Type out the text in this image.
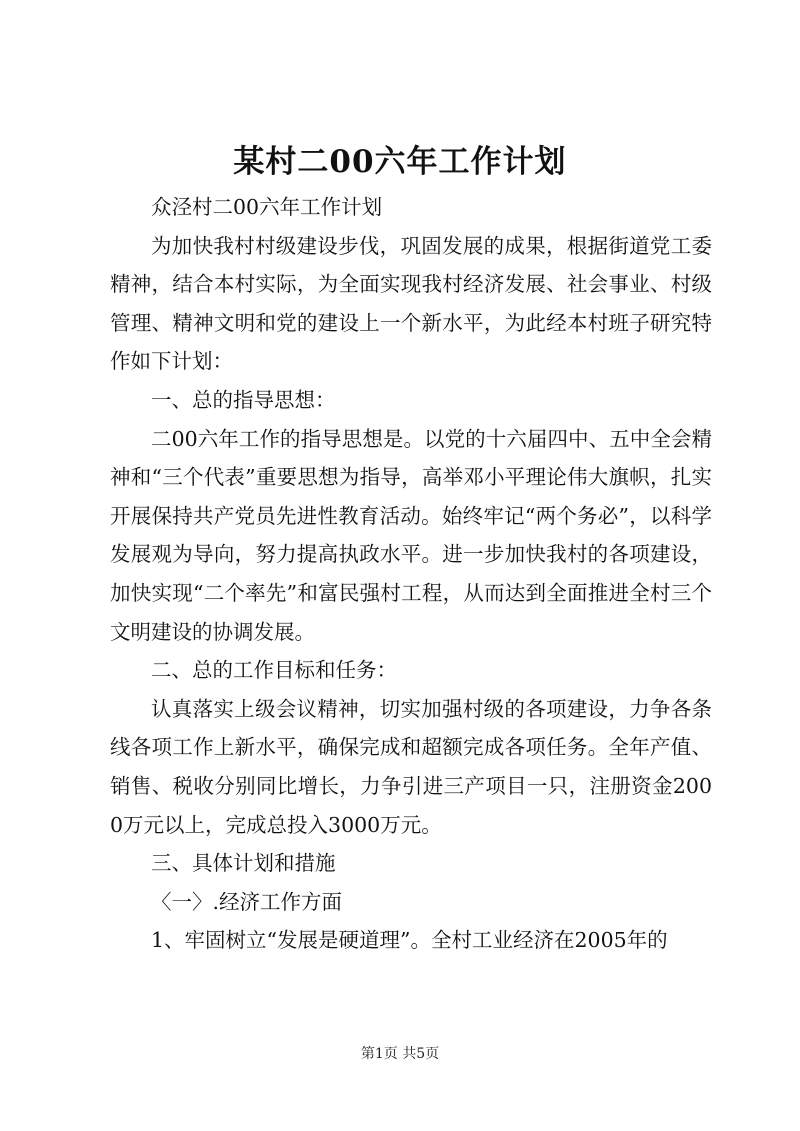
某村二00六年工作计划

众泾村二00六年工作计划

为加快我村村级建设步伐，巩固发展的成果，根据街道党工委精神，结合本村实际，为全面实现我村经济发展、社会事业、村级管理、精神文明和党的建设上一个新水平，为此经本村班子研究特作如下计划：

一、总的指导思想：

二00六年工作的指导思想是。以党的十六届四中、五中全会精神和“三个代表”重要思想为指导，高举邓小平理论伟大旗帜，扎实开展保持共产党员先进性教育活动。始终牢记“两个务必”，以科学发展观为导向，努力提高执政水平。进一步加快我村的各项建设，加快实现“二个率先”和富民强村工程，从而达到全面推进全村三个文明建设的协调发展。

二、总的工作目标和任务：

认真落实上级会议精神，切实加强村级的各项建设，力争各条线各项工作上新水平，确保完成和超额完成各项任务。全年产值、销售、税收分别同比增长，力争引进三产项目一只，注册资金2000万元以上，完成总投入3000万元。

三、具体计划和措施

〈一〉.经济工作方面

1、牢固树立“发展是硬道理”。全村工业经济在2005年的

第1页 共5页
